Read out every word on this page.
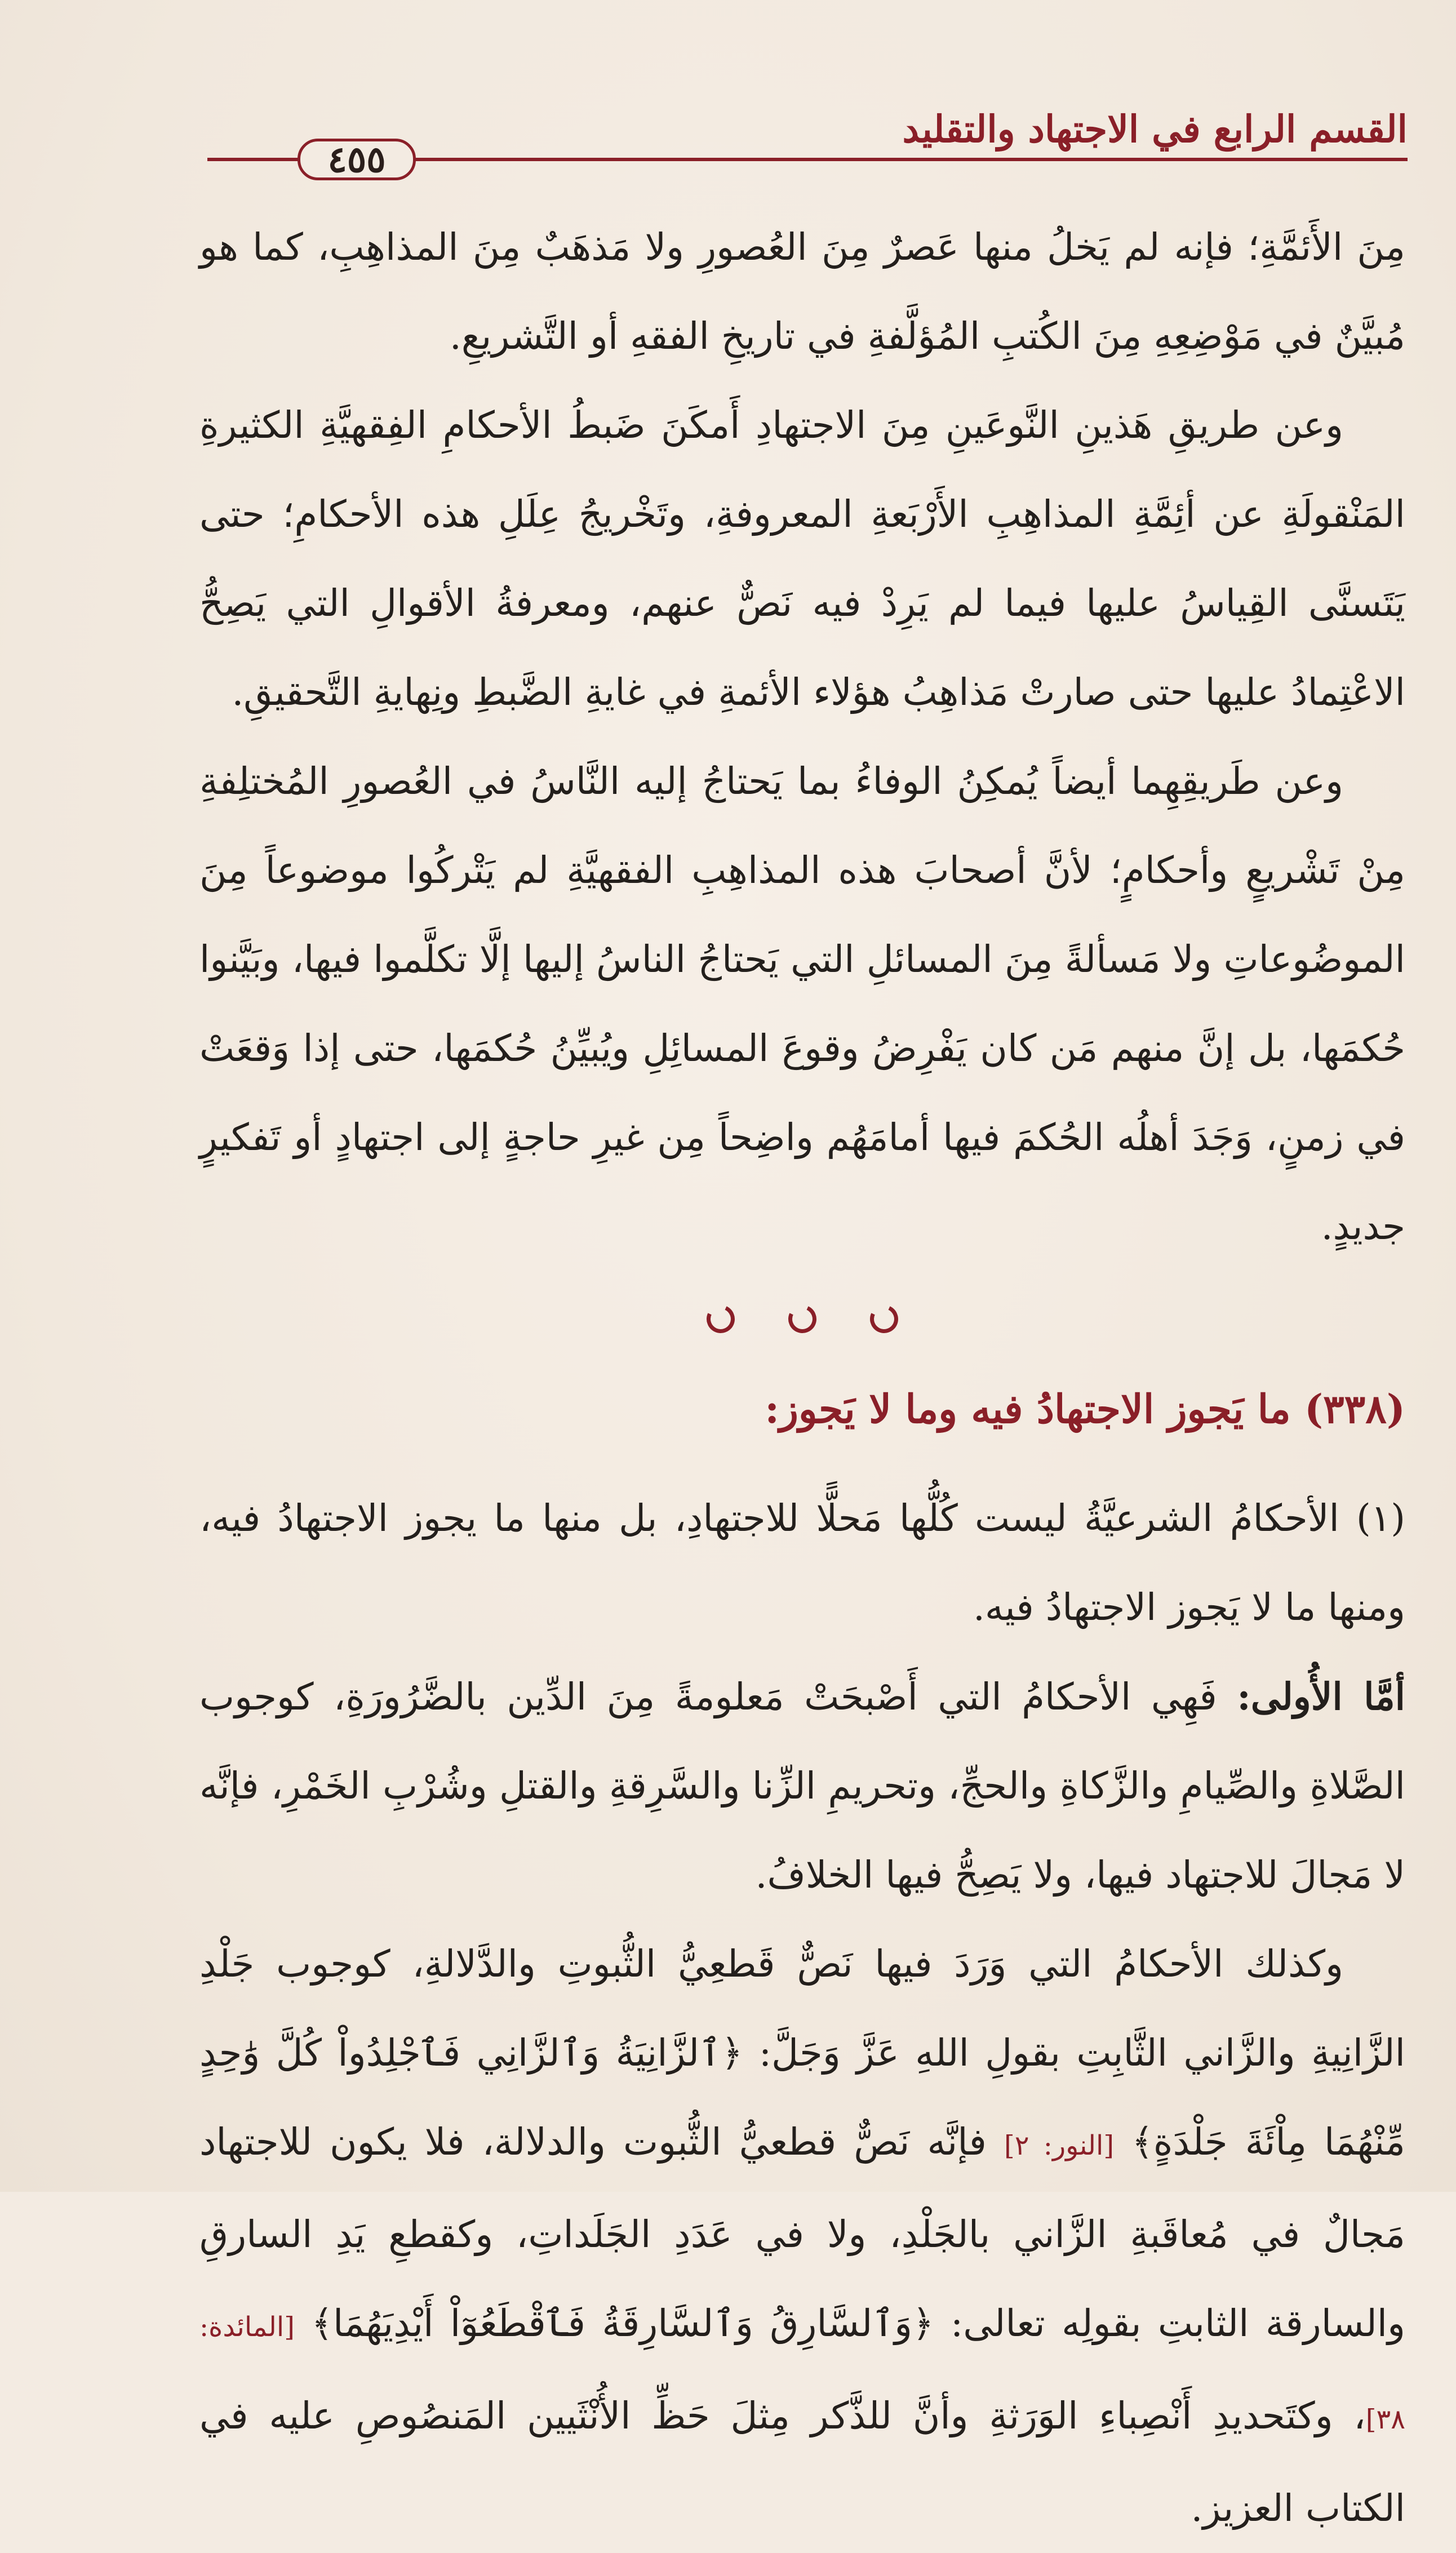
القسم الرابع في الاجتهاد والتقليد
٤٥٥

مِنَ الأَئمَّةِ؛ فإنه لم يَخلُ منها عَصرٌ مِنَ العُصورِ ولا مَذهَبٌ مِنَ المذاهِبِ، كما هو مُبيَّنٌ في مَوْضِعِهِ مِنَ الكُتبِ المُؤلَّفةِ في تاريخِ الفقهِ أو التَّشريعِ.

وعن طريقِ هَذينِ النَّوعَينِ مِنَ الاجتهادِ أَمكَنَ ضَبطُ الأحكامِ الفِقهيَّةِ الكثيرةِ المَنْقولَةِ عن أئِمَّةِ المذاهِبِ الأَرْبَعةِ المعروفةِ، وتَخْريجُ عِلَلِ هذه الأحكامِ؛ حتى يَتَسنَّى القِياسُ عليها فيما لم يَرِدْ فيه نَصٌّ عنهم، ومعرفةُ الأقوالِ التي يَصِحُّ الاعْتِمادُ عليها حتى صارتْ مَذاهِبُ هؤلاء الأئمةِ في غايةِ الضَّبطِ ونِهايةِ التَّحقيقِ.

وعن طَريقِهِما أيضاً يُمكِنُ الوفاءُ بما يَحتاجُ إليه النَّاسُ في العُصورِ المُختلِفةِ مِنْ تَشْريعٍ وأحكامٍ؛ لأنَّ أصحابَ هذه المذاهِبِ الفقهيَّةِ لم يَتْركُوا موضوعاً مِنَ الموضُوعاتِ ولا مَسألةً مِنَ المسائلِ التي يَحتاجُ الناسُ إليها إلَّا تكلَّموا فيها، وبَيَّنوا حُكمَها، بل إنَّ منهم مَن كان يَفْرِضُ وقوعَ المسائِلِ ويُبيِّنُ حُكمَها، حتى إذا وَقعَتْ في زمنٍ، وَجَدَ أهلُه الحُكمَ فيها أمامَهُم واضِحاً مِن غيرِ حاجةٍ إلى اجتهادٍ أو تَفكيرٍ جديدٍ.

(٣٣٨) ما يَجوز الاجتهادُ فيه وما لا يَجوز:

(١) الأحكامُ الشرعيَّةُ ليست كُلُّها مَحلًّا للاجتهادِ، بل منها ما يجوز الاجتهادُ فيه، ومنها ما لا يَجوز الاجتهادُ فيه.

أمَّا الأُولى: فَهِي الأحكامُ التي أَصْبحَتْ مَعلومةً مِنَ الدِّين بالضَّرُورَةِ، كوجوب الصَّلاةِ والصِّيامِ والزَّكاةِ والحجِّ، وتحريمِ الزِّنا والسَّرِقةِ والقتلِ وشُرْبِ الخَمْرِ، فإنَّه لا مَجالَ للاجتهاد فيها، ولا يَصِحُّ فيها الخلافُ.

وكذلك الأحكامُ التي وَرَدَ فيها نَصٌّ قَطعِيُّ الثُّبوتِ والدَّلالةِ، كوجوب جَلْدِ الزَّانِيةِ والزَّاني الثَّابِتِ بقولِ اللهِ عَزَّ وَجَلَّ: ﴿ٱلزَّانِيَةُ وَٱلزَّانِي فَٱجْلِدُواْ كُلَّ وَٰحِدٍ مِّنْهُمَا مِاْئَةَ جَلْدَةٍ﴾ [النور: ٢] فإنَّه نَصٌّ قطعيُّ الثُّبوت والدلالة، فلا يكون للاجتهاد مَجالٌ في مُعاقَبةِ الزَّاني بالجَلْدِ، ولا في عَدَدِ الجَلَداتِ، وكقطعِ يَدِ السارقِ والسارقة الثابتِ بقولِه تعالى: ﴿وَٱلسَّارِقُ وَٱلسَّارِقَةُ فَٱقْطَعُوٓاْ أَيْدِيَهُمَا﴾ [المائدة: ٣٨]، وكتَحديدِ أَنْصِباءِ الوَرَثةِ وأنَّ للذَّكر مِثلَ حَظِّ الأُنْثَيين المَنصُوصِ عليه في الكتاب العزيز.
